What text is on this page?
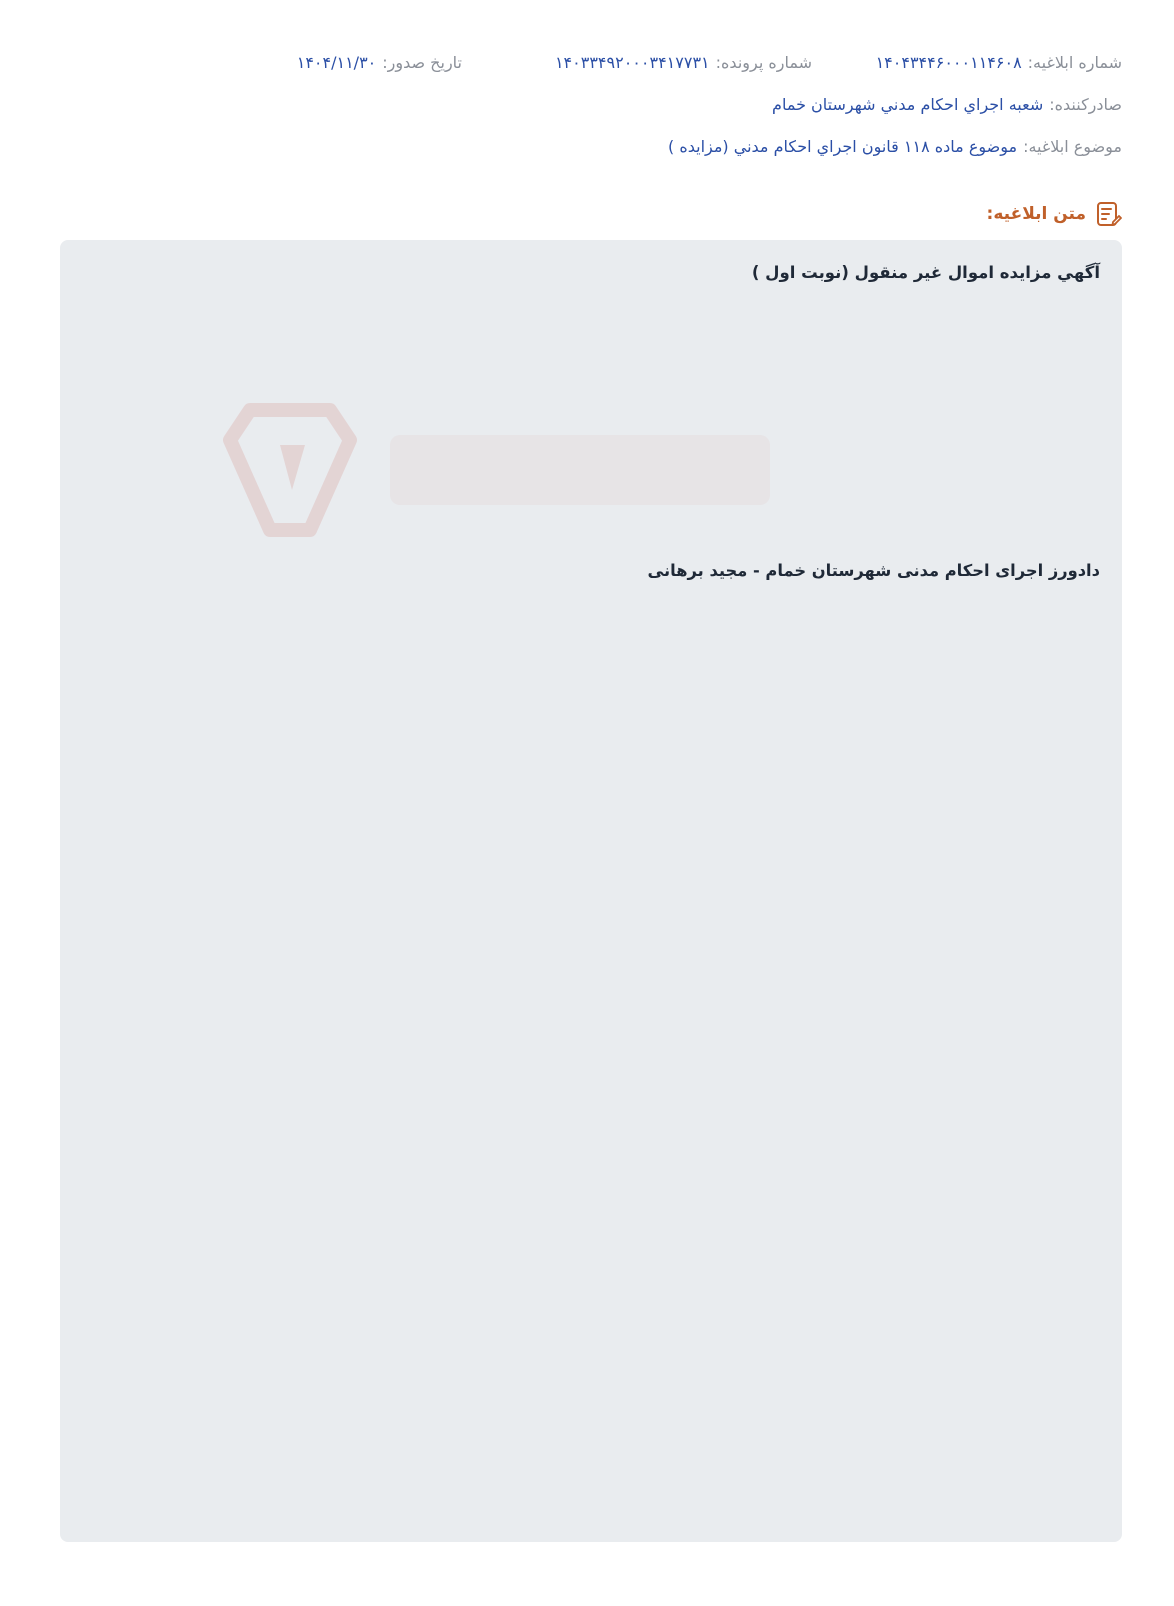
شماره ابلاغیه:
۱۴۰۴۳۴۴۶۰۰۰۱۱۴۶۰۸
شماره پرونده:
۱۴۰۳۳۴۹۲۰۰۰۳۴۱۷۷۳۱
تاریخ صدور:
۱۴۰۴/۱۱/۳۰
صادرکننده:
شعبه اجراي احکام مدني شهرستان خمام
موضوع ابلاغیه:
موضوع ماده ۱۱۸ قانون اجراي احکام مدني (مزایده )
متن ابلاغیه:
آگهي مزايده اموال غير منقول (نوبت اول )

دادورز اجرای احکام مدنی شهرستان خمام - مجید برهانی
